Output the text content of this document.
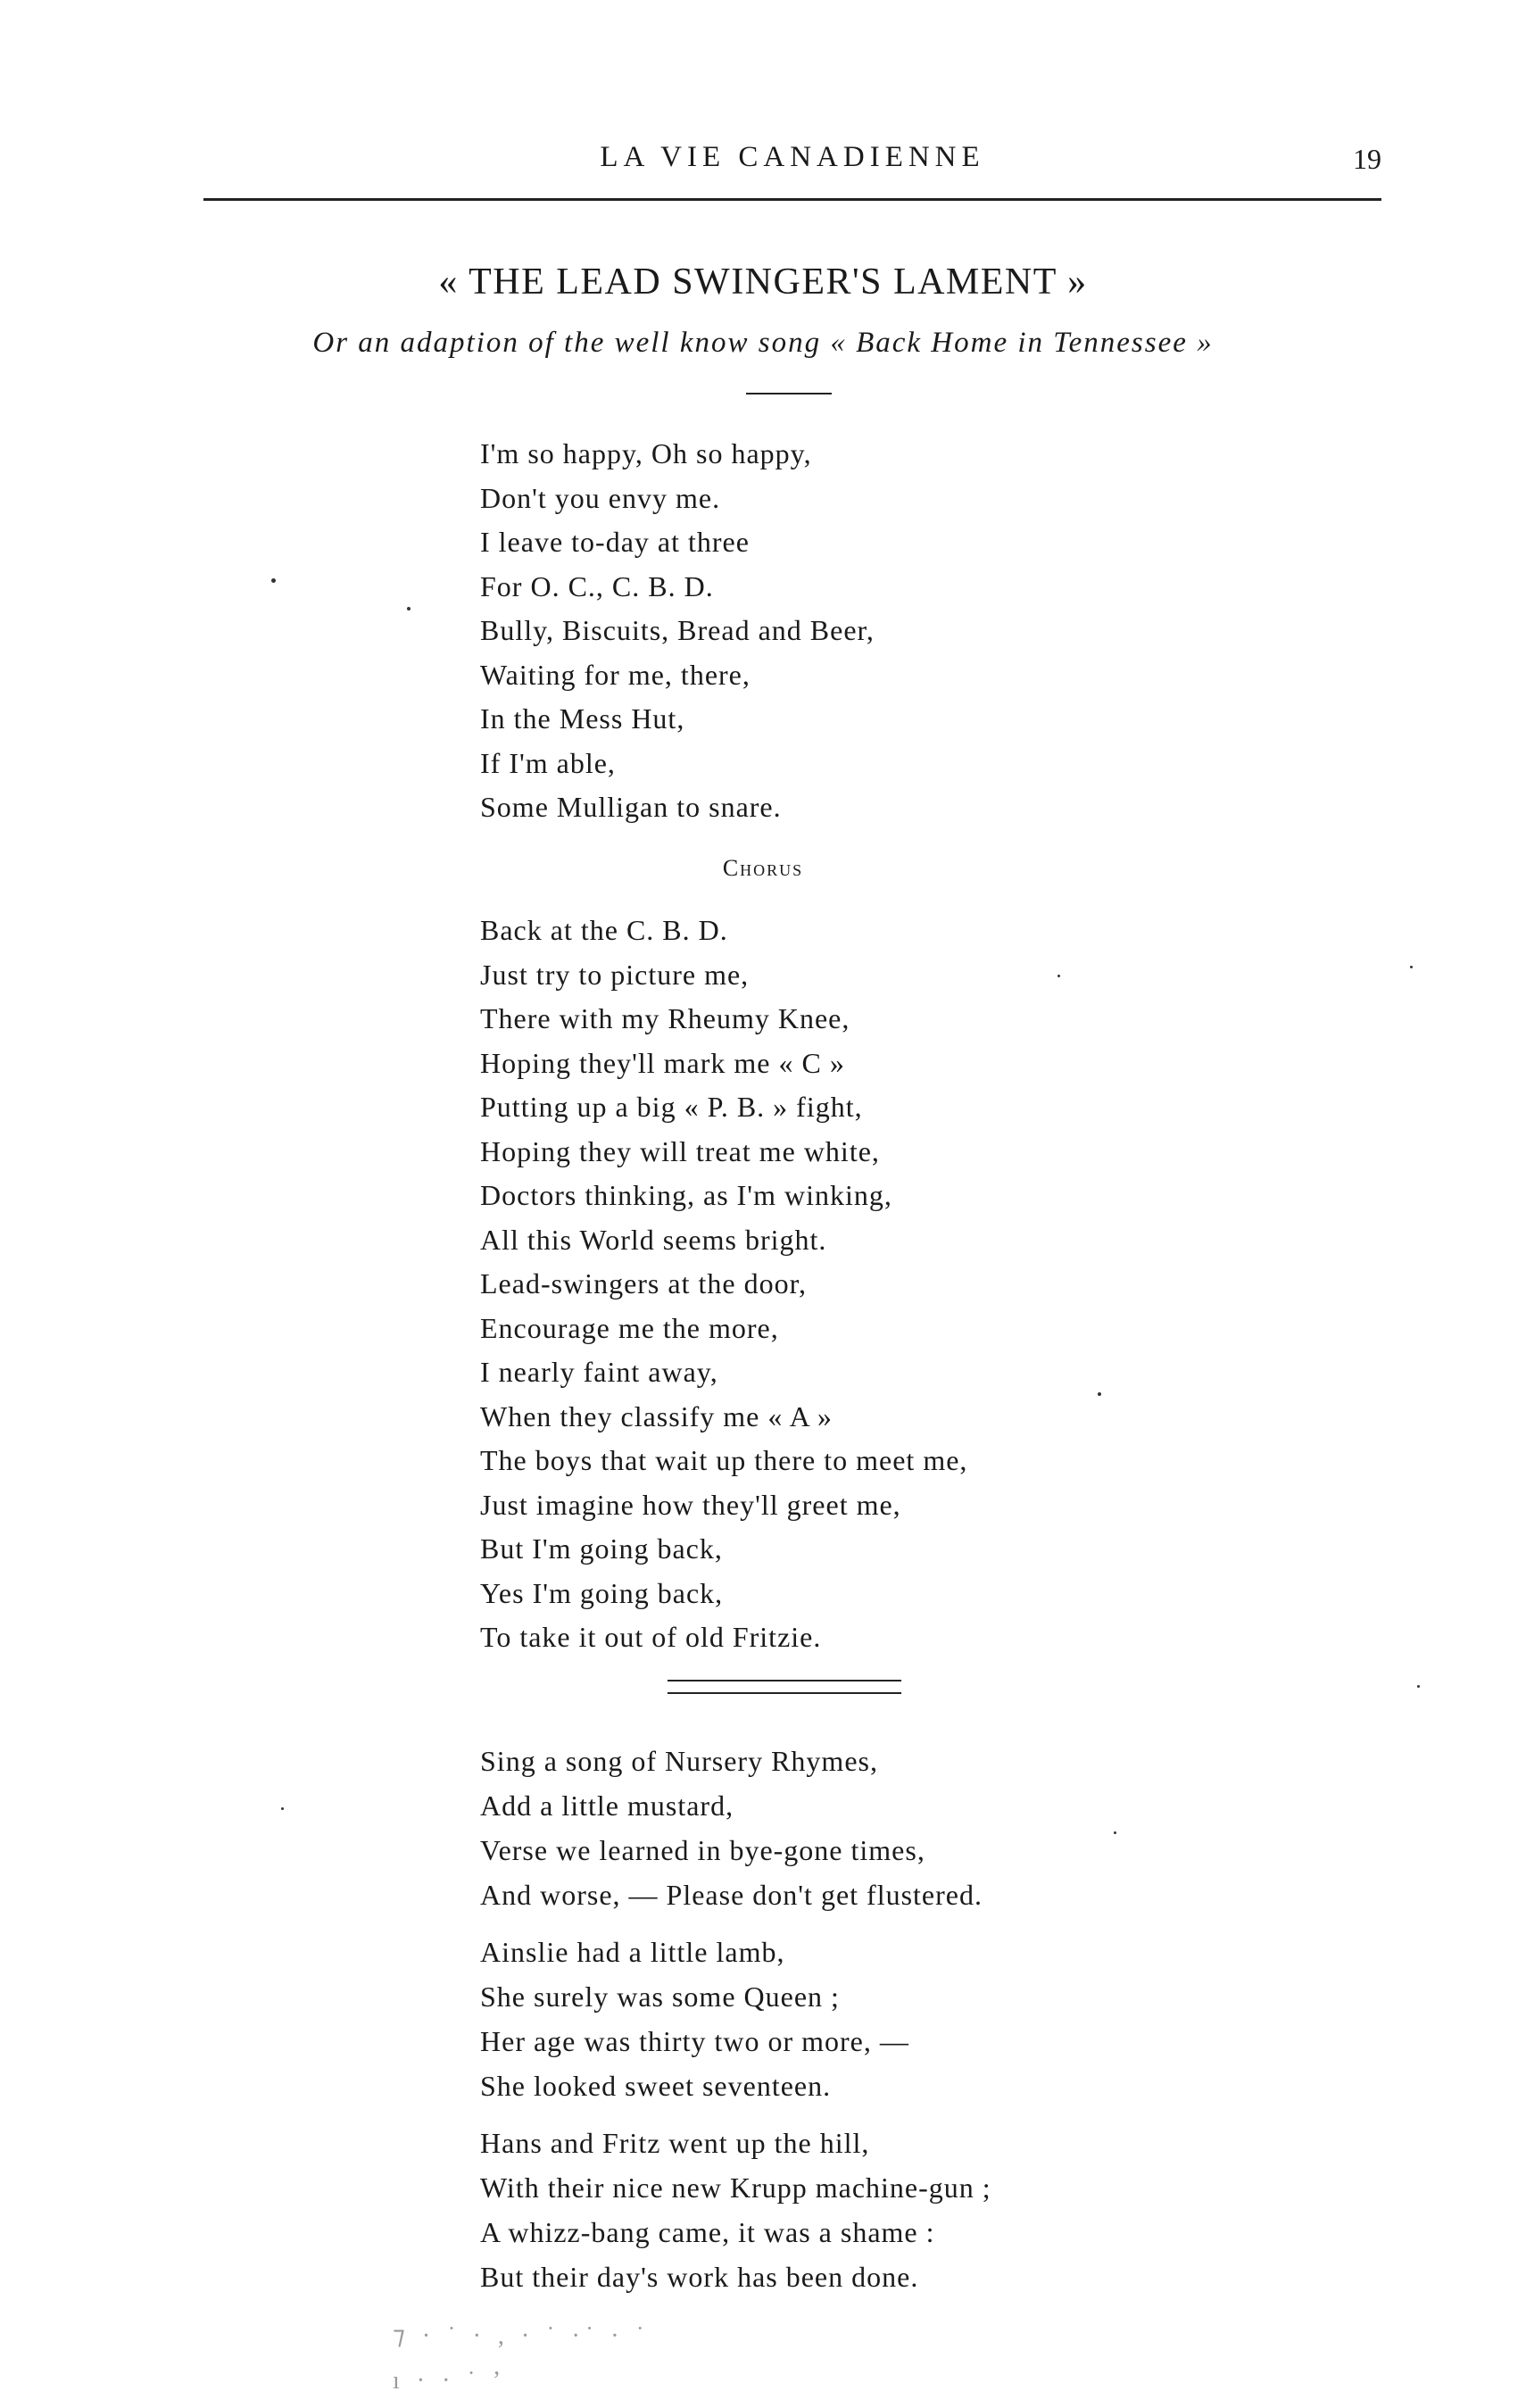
LA VIE CANADIENNE	19
« THE LEAD SWINGER'S LAMENT »
Or an adaption of the well know song « Back Home in Tennessee »
I'm so happy, Oh so happy,
Don't you envy me.
I leave to-day at three
For O. C., C. B. D.
Bully, Biscuits, Bread and Beer,
Waiting for me, there,
In the Mess Hut,
If I'm able,
Some Mulligan to snare.
Chorus
Back at the C. B. D.
Just try to picture me,
There with my Rheumy Knee,
Hoping they'll mark me « C »
Putting up a big « P. B. » fight,
Hoping they will treat me white,
Doctors thinking, as I'm winking,
All this World seems bright.
Lead-swingers at the door,
Encourage me the more,
I nearly faint away,
When they classify me « A »
The boys that wait up there to meet me,
Just imagine how they'll greet me,
But I'm going back,
Yes I'm going back,
To take it out of old Fritzie.
Sing a song of Nursery Rhymes,
Add a little mustard,
Verse we learned in bye-gone times,
And worse, — Please don't get flustered.
Ainslie had a little lamb,
She surely was some Queen ;
Her age was thirty two or more, —
She looked sweet seventeen.
Hans and Fritz went up the hill,
With their nice new Krupp machine-gun ;
A whizz-bang came, it was a shame :
But their day's work has been done.
⁊ · ˙ · , · ˙ ·˙ · ˙
ı · · ˙ ʼ
